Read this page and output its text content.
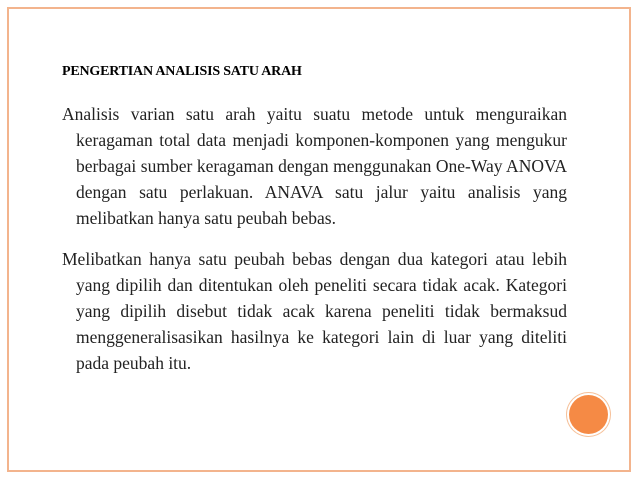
PENGERTIAN ANALISIS SATU ARAH

Analisis varian satu arah yaitu suatu metode untuk menguraikan keragaman total data menjadi komponen-komponen yang mengukur berbagai sumber keragaman dengan menggunakan One-Way ANOVA dengan satu perlakuan. ANAVA satu jalur yaitu analisis yang melibatkan hanya satu peubah bebas.

Melibatkan hanya satu peubah bebas dengan dua kategori atau lebih yang dipilih dan ditentukan oleh peneliti secara tidak acak. Kategori yang dipilih disebut tidak acak karena peneliti tidak bermaksud menggeneralisasikan hasilnya ke kategori lain di luar yang diteliti pada peubah itu.
